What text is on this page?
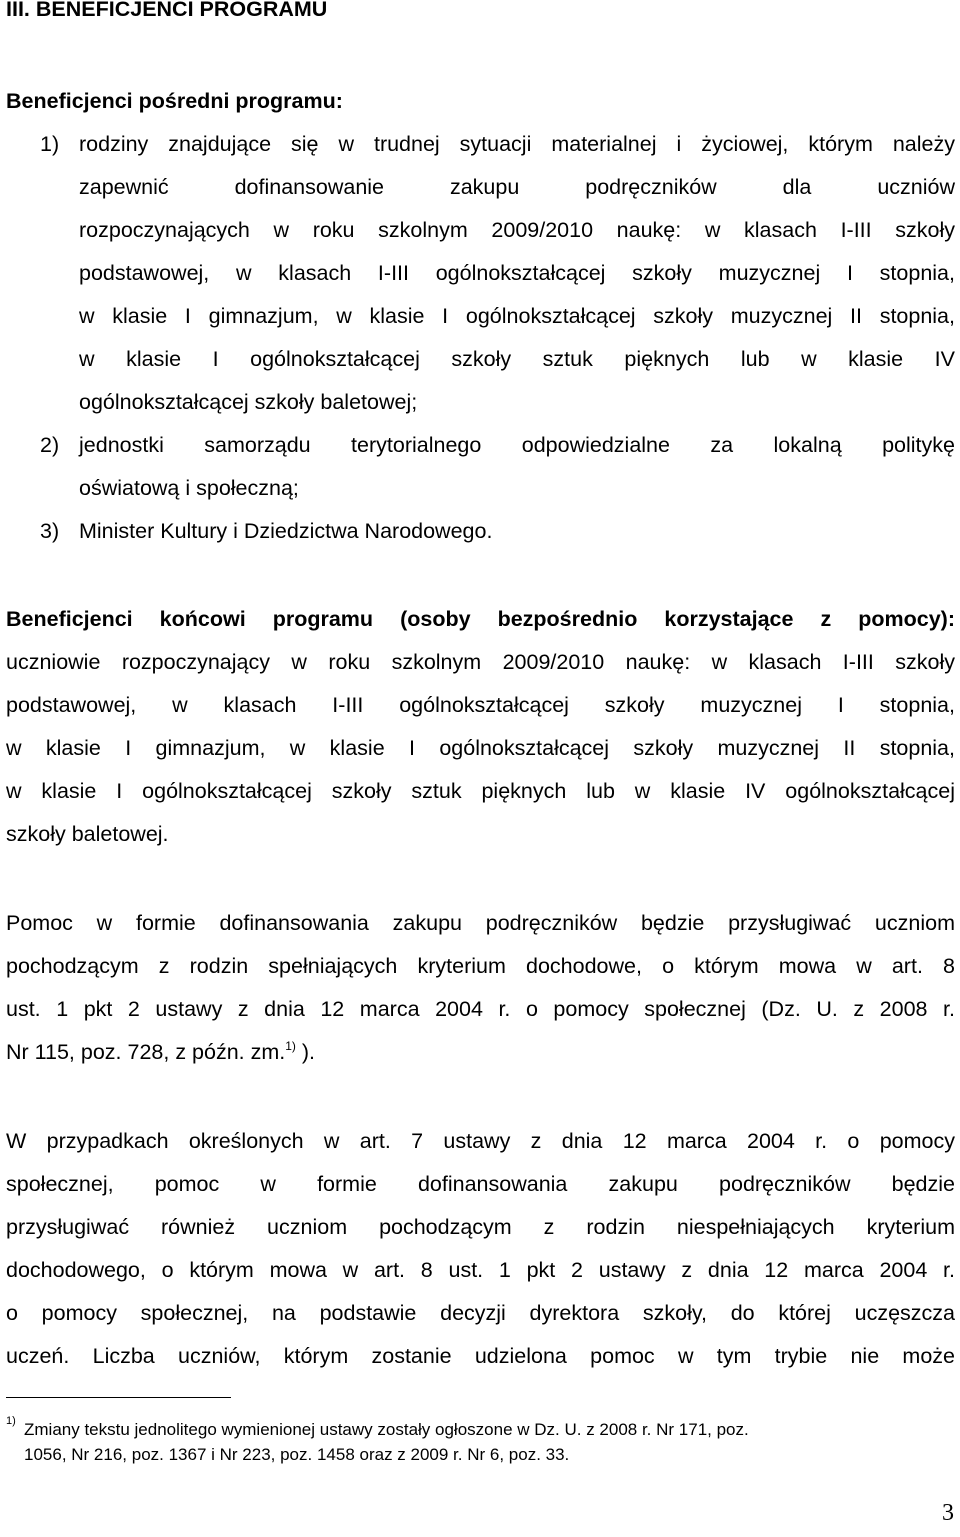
III. BENEFICJENCI PROGRAMU
Beneficjenci pośredni programu:
1) rodziny znajdujące się w trudnej sytuacji materialnej i życiowej, którym należy
zapewnić dofinansowanie zakupu podręczników dla uczniów
rozpoczynających w roku szkolnym 2009/2010 naukę: w klasach I-III szkoły
podstawowej, w klasach I-III ogólnokształcącej szkoły muzycznej I stopnia,
w klasie I gimnazjum, w klasie I ogólnokształcącej szkoły muzycznej II stopnia,
w klasie I ogólnokształcącej szkoły sztuk pięknych lub w klasie IV
ogólnokształcącej szkoły baletowej;
2) jednostki samorządu terytorialnego odpowiedzialne za lokalną politykę
oświatową i społeczną;
3) Minister Kultury i Dziedzictwa Narodowego.
Beneficjenci końcowi programu (osoby bezpośrednio korzystające z pomocy):
uczniowie rozpoczynający w roku szkolnym 2009/2010 naukę: w klasach I-III szkoły
podstawowej, w klasach I-III ogólnokształcącej szkoły muzycznej I stopnia,
w klasie I gimnazjum, w klasie I ogólnokształcącej szkoły muzycznej II stopnia,
w klasie I ogólnokształcącej szkoły sztuk pięknych lub w klasie IV ogólnokształcącej
szkoły baletowej.
Pomoc w formie dofinansowania zakupu podręczników będzie przysługiwać uczniom
pochodzącym z rodzin spełniających kryterium dochodowe, o którym mowa w art. 8
ust. 1 pkt 2 ustawy z dnia 12 marca 2004 r. o pomocy społecznej (Dz. U. z 2008 r.
Nr 115, poz. 728, z późn. zm.$^{1)}$ ).
W przypadkach określonych w art. 7 ustawy z dnia 12 marca 2004 r. o pomocy
społecznej, pomoc w formie dofinansowania zakupu podręczników będzie
przysługiwać również uczniom pochodzącym z rodzin niespełniających kryterium
dochodowego, o którym mowa w art. 8 ust. 1 pkt 2 ustawy z dnia 12 marca 2004 r.
o pomocy społecznej, na podstawie decyzji dyrektora szkoły, do której uczęszcza
uczeń. Liczba uczniów, którym zostanie udzielona pomoc w tym trybie nie może
1) Zmiany tekstu jednolitego wymienionej ustawy zostały ogłoszone w Dz. U. z 2008 r. Nr 171, poz.
1056, Nr 216, poz. 1367 i Nr 223, poz. 1458 oraz z 2009 r. Nr 6, poz. 33.
3
